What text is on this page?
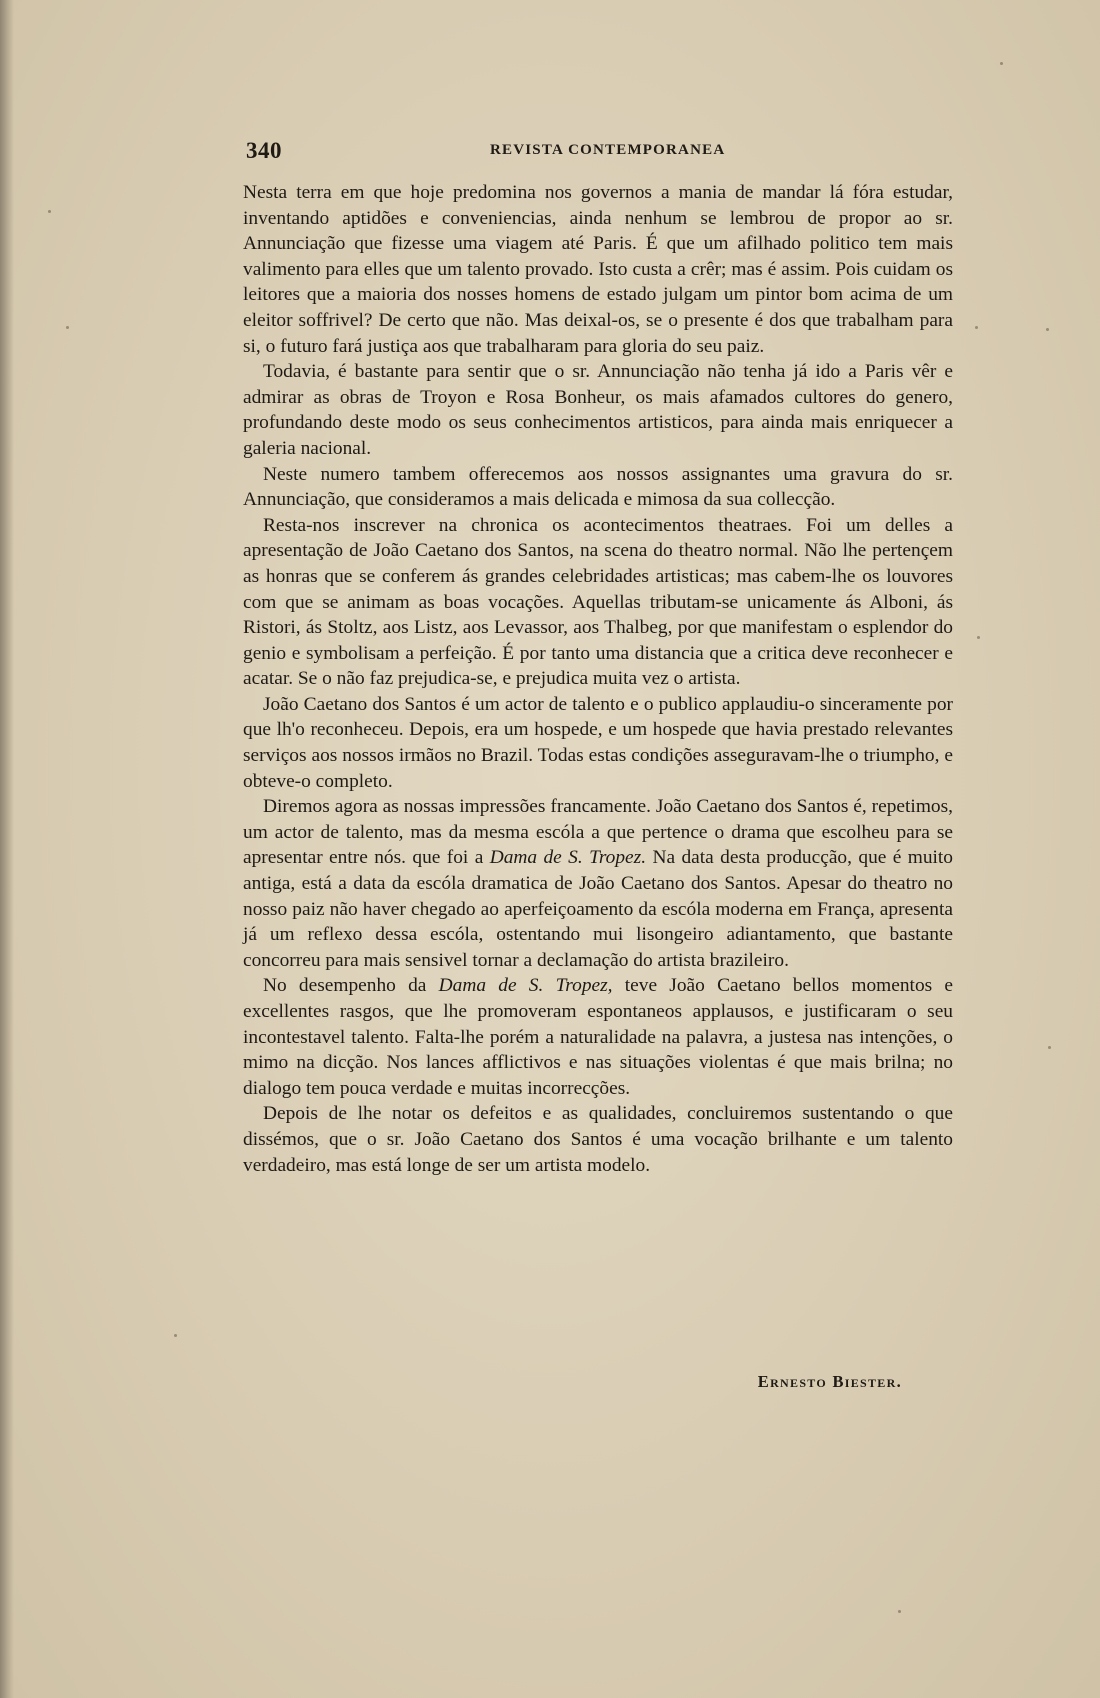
340	REVISTA CONTEMPORANEA

Nesta terra em que hoje predomina nos governos a mania de mandar lá fóra estudar, inventando aptidões e conveniencias, ainda nenhum se lembrou de propor ao sr. Annunciação que fizesse uma viagem até Paris. É que um afilhado politico tem mais valimento para elles que um talento provado. Isto custa a crêr; mas é assim. Pois cuidam os leitores que a maioria dos nosses homens de estado julgam um pintor bom acima de um eleitor soffrivel? De certo que não. Mas deixal-os, se o presente é dos que trabalham para si, o futuro fará justiça aos que trabalharam para gloria do seu paiz.

Todavia, é bastante para sentir que o sr. Annunciação não tenha já ido a Paris vêr e admirar as obras de Troyon e Rosa Bonheur, os mais afamados cultores do genero, profundando deste modo os seus conhecimentos artisticos, para ainda mais enriquecer a galeria nacional.

Neste numero tambem offerecemos aos nossos assignantes uma gravura do sr. Annunciação, que consideramos a mais delicada e mimosa da sua collecção.

Resta-nos inscrever na chronica os acontecimentos theatraes. Foi um delles a apresentação de João Caetano dos Santos, na scena do theatro normal. Não lhe pertençem as honras que se conferem ás grandes celebridades artisticas; mas cabem-lhe os louvores com que se animam as boas vocações. Aquellas tributam-se unicamente ás Alboni, ás Ristori, ás Stoltz, aos Listz, aos Levassor, aos Thalbeg, por que manifestam o esplendor do genio e symbolisam a perfeição. É por tanto uma distancia que a critica deve reconhecer e acatar. Se o não faz prejudica-se, e prejudica muita vez o artista.

João Caetano dos Santos é um actor de talento e o publico applaudiu-o sinceramente por que lh'o reconheceu. Depois, era um hospede, e um hospede que havia prestado relevantes serviços aos nossos irmãos no Brazil. Todas estas condições asseguravam-lhe o triumpho, e obteve-o completo.

Diremos agora as nossas impressões francamente. João Caetano dos Santos é, repetimos, um actor de talento, mas da mesma escóla a que pertence o drama que escolheu para se apresentar entre nós. que foi a Dama de S. Tropez. Na data desta producção, que é muito antiga, está a data da escóla dramatica de João Caetano dos Santos. Apesar do theatro no nosso paiz não haver chegado ao aperfeiçoamento da escóla moderna em França, apresenta já um reflexo dessa escóla, ostentando mui lisongeiro adiantamento, que bastante concorreu para mais sensivel tornar a declamação do artista brazileiro.

No desempenho da Dama de S. Tropez, teve João Caetano bellos momentos e excellentes rasgos, que lhe promoveram espontaneos applausos, e justificaram o seu incontestavel talento. Falta-lhe porém a naturalidade na palavra, a justesa nas intenções, o mimo na dicção. Nos lances afflictivos e nas situações violentas é que mais brilna; no dialogo tem pouca verdade e muitas incorrecções.

Depois de lhe notar os defeitos e as qualidades, concluiremos sustentando o que dissémos, que o sr. João Caetano dos Santos é uma vocação brilhante e um talento verdadeiro, mas está longe de ser um artista modelo.

Ernesto Biester.
